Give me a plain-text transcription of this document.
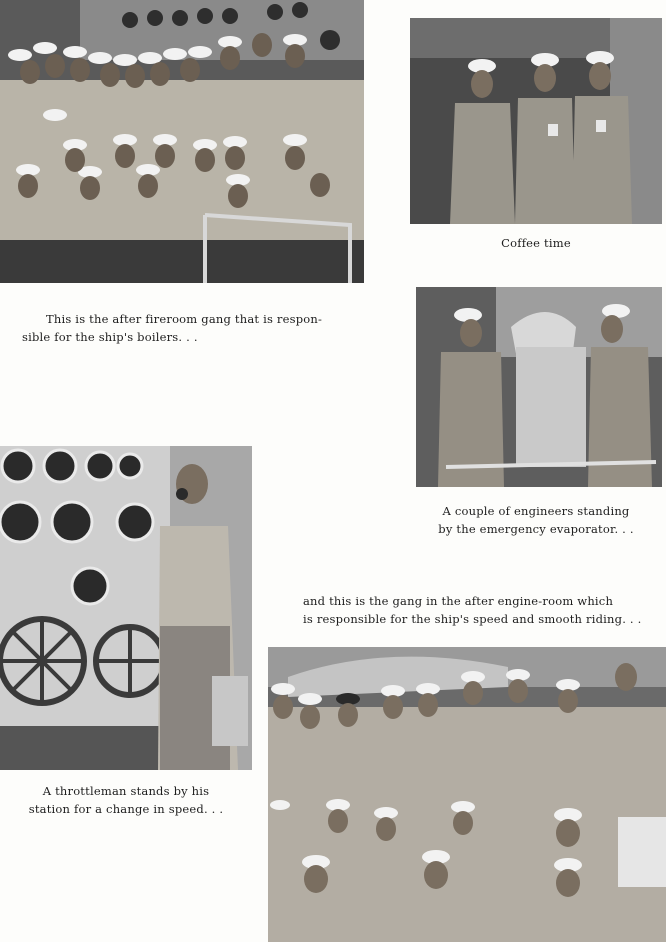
Coffee time
This is the after fireroom gang that is respon-
sible for the ship's boilers. . .
A couple of engineers standing
by the emergency evaporator. . .
and this is the gang in the after engine-room which
is responsible for the ship's speed and smooth riding. . .
A throttleman stands by his
station for a change in speed. . .
